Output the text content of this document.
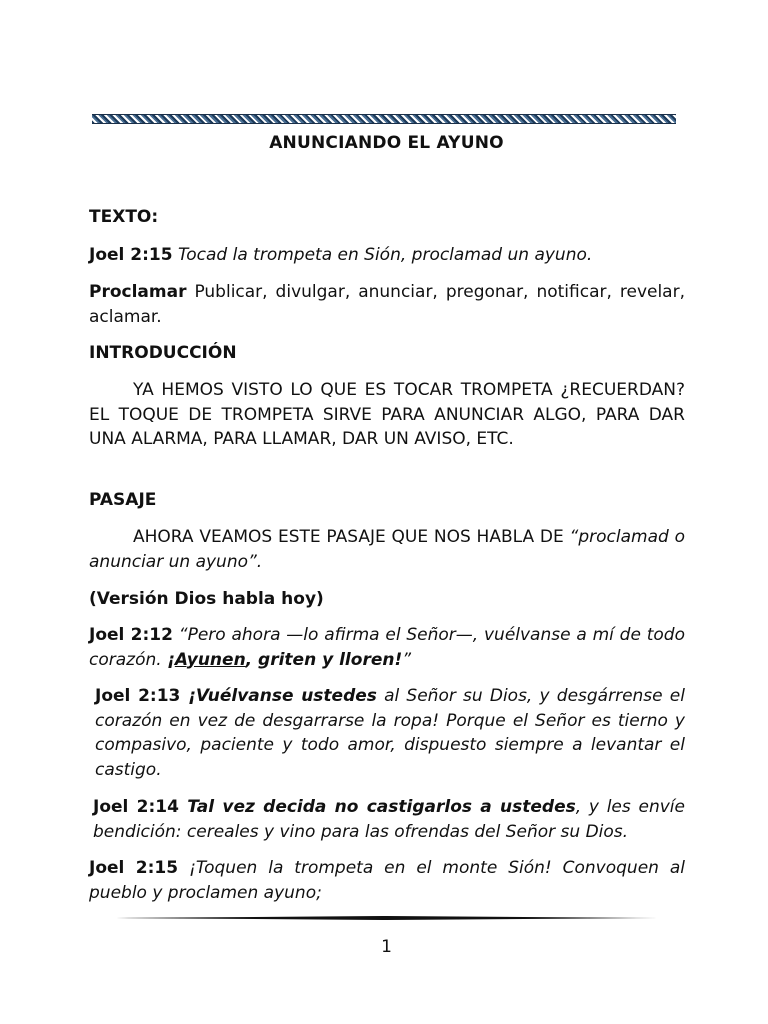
ANUNCIANDO EL AYUNO

TEXTO:

Joel 2:15 Tocad la trompeta en Sión, proclamad un ayuno.

Proclamar Publicar, divulgar, anunciar, pregonar, notificar, revelar, aclamar.

INTRODUCCIÓN

YA HEMOS VISTO LO QUE ES TOCAR TROMPETA ¿RECUERDAN? EL TOQUE DE TROMPETA SIRVE PARA ANUNCIAR ALGO, PARA DAR UNA ALARMA, PARA LLAMAR, DAR UN AVISO, ETC.

PASAJE

AHORA VEAMOS ESTE PASAJE QUE NOS HABLA DE “proclamad o anunciar un ayuno”.

(Versión Dios habla hoy)

Joel 2:12 “Pero ahora —lo afirma el Señor—, vuélvanse a mí de todo corazón. ¡Ayunen, griten y lloren!”

Joel 2:13 ¡Vuélvanse ustedes al Señor su Dios, y desgárrense el corazón en vez de desgarrarse la ropa! Porque el Señor es tierno y compasivo, paciente y todo amor, dispuesto siempre a levantar el castigo.

Joel 2:14 Tal vez decida no castigarlos a ustedes, y les envíe bendición: cereales y vino para las ofrendas del Señor su Dios.

Joel 2:15 ¡Toquen la trompeta en el monte Sión! Convoquen al pueblo y proclamen ayuno;

1
